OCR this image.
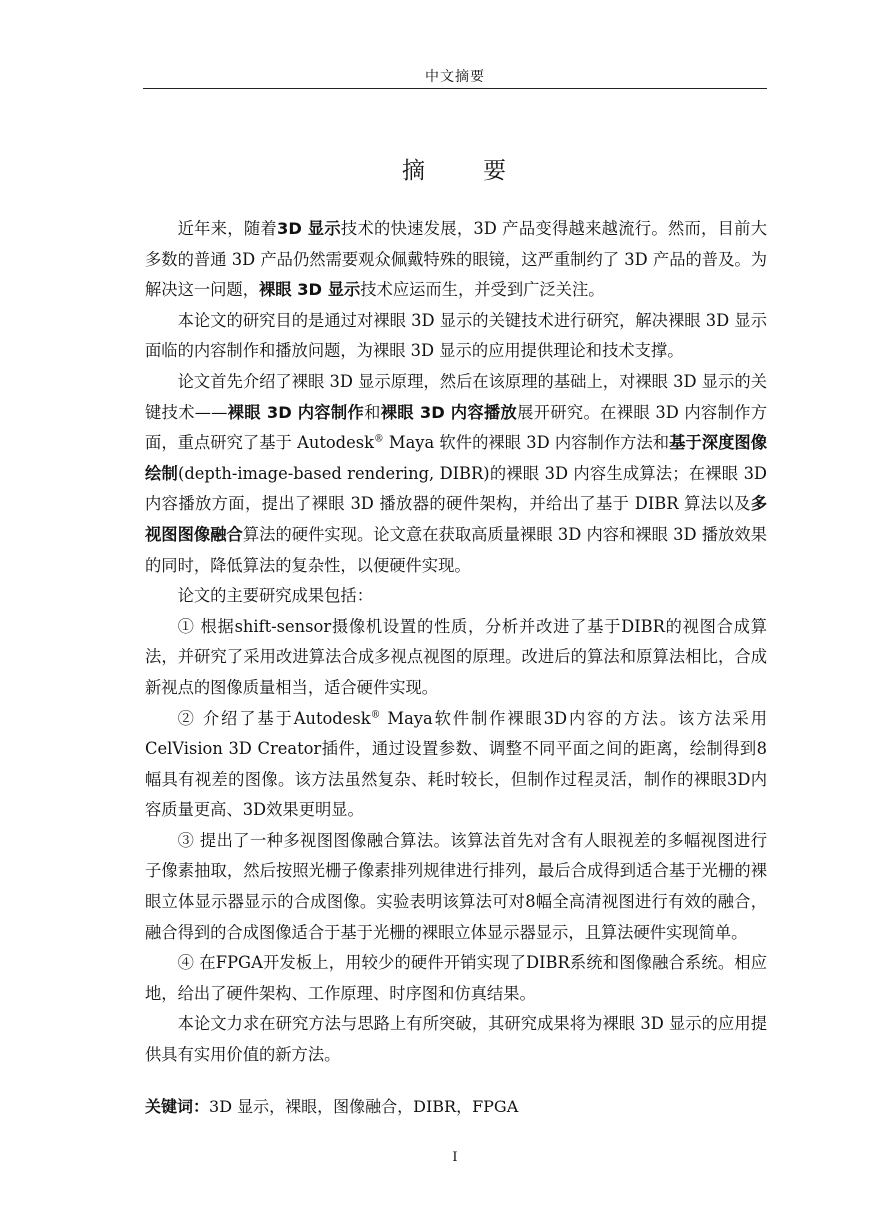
中文摘要
摘 要

近年来，随着3D 显示技术的快速发展，3D 产品变得越来越流行。然而，目前大多数的普通 3D 产品仍然需要观众佩戴特殊的眼镜，这严重制约了 3D 产品的普及。为解决这一问题，裸眼 3D 显示技术应运而生，并受到广泛关注。

本论文的研究目的是通过对裸眼 3D 显示的关键技术进行研究，解决裸眼 3D 显示面临的内容制作和播放问题，为裸眼 3D 显示的应用提供理论和技术支撑。

论文首先介绍了裸眼 3D 显示原理，然后在该原理的基础上，对裸眼 3D 显示的关键技术——裸眼 3D 内容制作和裸眼 3D 内容播放展开研究。在裸眼 3D 内容制作方面，重点研究了基于 Autodesk® Maya 软件的裸眼 3D 内容制作方法和基于深度图像绘制(depth-image-based rendering, DIBR)的裸眼 3D 内容生成算法；在裸眼 3D 内容播放方面，提出了裸眼 3D 播放器的硬件架构，并给出了基于 DIBR 算法以及多视图图像融合算法的硬件实现。论文意在获取高质量裸眼 3D 内容和裸眼 3D 播放效果的同时，降低算法的复杂性，以便硬件实现。

论文的主要研究成果包括：

① 根据shift-sensor摄像机设置的性质，分析并改进了基于DIBR的视图合成算法，并研究了采用改进算法合成多视点视图的原理。改进后的算法和原算法相比，合成新视点的图像质量相当，适合硬件实现。

② 介绍了基于Autodesk® Maya软件制作裸眼3D内容的方法。该方法采用CelVision 3D Creator插件，通过设置参数、调整不同平面之间的距离，绘制得到8幅具有视差的图像。该方法虽然复杂、耗时较长，但制作过程灵活，制作的裸眼3D内容质量更高、3D效果更明显。

③ 提出了一种多视图图像融合算法。该算法首先对含有人眼视差的多幅视图进行子像素抽取，然后按照光栅子像素排列规律进行排列，最后合成得到适合基于光栅的裸眼立体显示器显示的合成图像。实验表明该算法可对8幅全高清视图进行有效的融合，融合得到的合成图像适合于基于光栅的裸眼立体显示器显示，且算法硬件实现简单。

④ 在FPGA开发板上，用较少的硬件开销实现了DIBR系统和图像融合系统。相应地，给出了硬件架构、工作原理、时序图和仿真结果。

本论文力求在研究方法与思路上有所突破，其研究成果将为裸眼 3D 显示的应用提供具有实用价值的新方法。

关键词：3D 显示，裸眼，图像融合，DIBR，FPGA
I
